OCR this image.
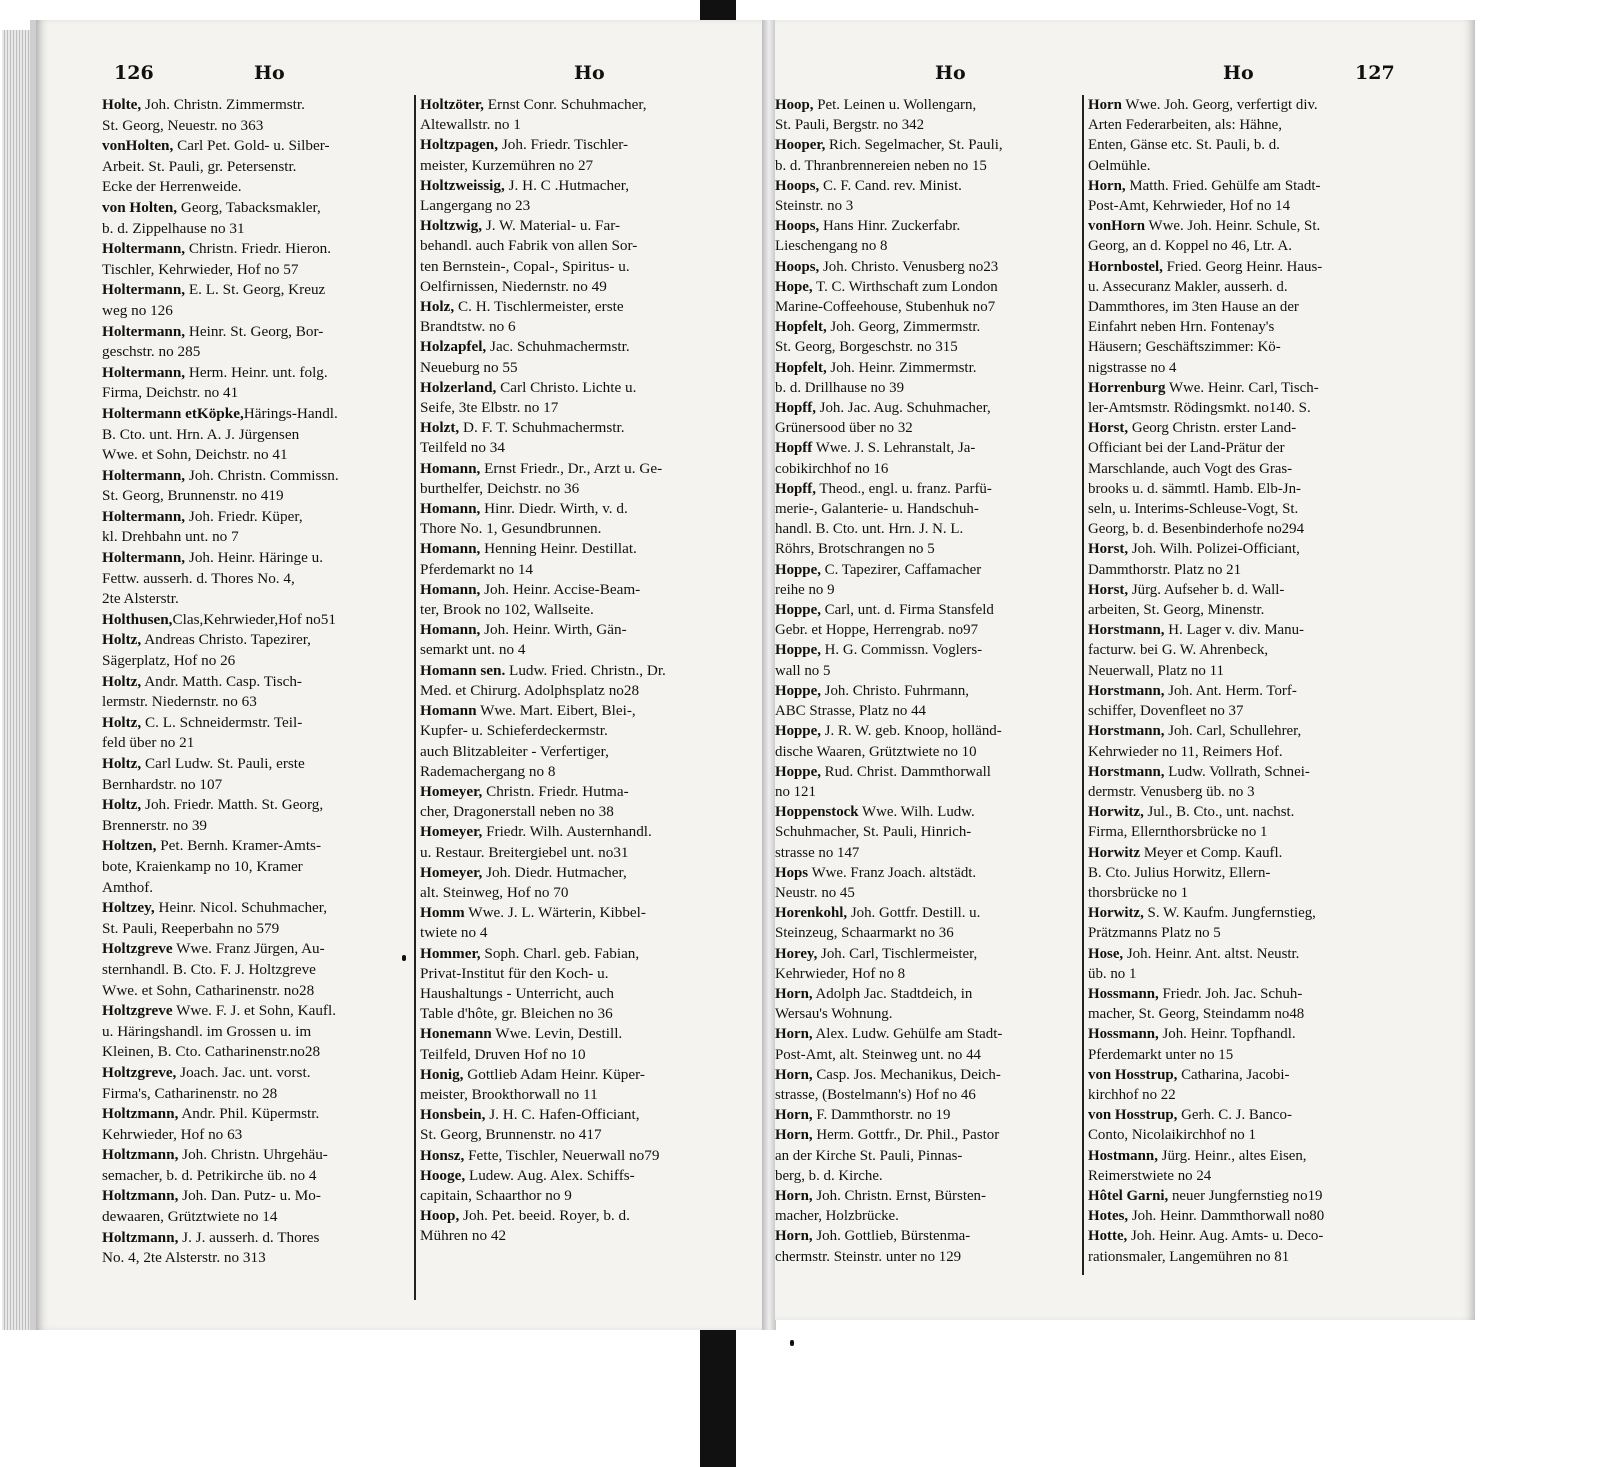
126	Ho	Ho

Holte, Joh. Christn. Zimmermstr.
St. Georg, Neuestr. no 363

vonHolten, Carl Pet. Gold- u. Silber-
Arbeit. St. Pauli, gr. Petersenstr.
Ecke der Herrenweide.

von Holten, Georg, Tabacksmakler,
b. d. Zippelhause no 31

Holtermann, Christn. Friedr. Hieron.
Tischler, Kehrwieder, Hof no 57

Holtermann, E. L. St. Georg, Kreuz
weg no 126

Holtermann, Heinr. St. Georg, Bor-
geschstr. no 285

Holtermann, Herm. Heinr. unt. folg.
Firma, Deichstr. no 41

Holtermann etKöpke,Härings-Handl.
B. Cto. unt. Hrn. A. J. Jürgensen
Wwe. et Sohn, Deichstr. no 41

Holtermann, Joh. Christn. Commissn.
St. Georg, Brunnenstr. no 419

Holtermann, Joh. Friedr. Küper,
kl. Drehbahn unt. no 7

Holtermann, Joh. Heinr. Häringe u.
Fettw. ausserh. d. Thores No. 4,
2te Alsterstr.

Holthusen,Clas,Kehrwieder,Hof no51

Holtz, Andreas Christo. Tapezirer,
Sägerplatz, Hof no 26

Holtz, Andr. Matth. Casp. Tisch-
lermstr. Niedernstr. no 63

Holtz, C. L. Schneidermstr. Teil-
feld über no 21

Holtz, Carl Ludw. St. Pauli, erste
Bernhardstr. no 107

Holtz, Joh. Friedr. Matth. St. Georg,
Brennerstr. no 39

Holtzen, Pet. Bernh. Kramer-Amts-
bote, Kraienkamp no 10, Kramer
Amthof.

Holtzey, Heinr. Nicol. Schuhmacher,
St. Pauli, Reeperbahn no 579

Holtzgreve Wwe. Franz Jürgen, Au-
sternhandl. B. Cto. F. J. Holtzgreve
Wwe. et Sohn, Catharinenstr. no28

Holtzgreve Wwe. F. J. et Sohn, Kaufl.
u. Häringshandl. im Grossen u. im
Kleinen, B. Cto. Catharinenstr.no28

Holtzgreve, Joach. Jac. unt. vorst.
Firma's, Catharinenstr. no 28

Holtzmann, Andr. Phil. Küpermstr.
Kehrwieder, Hof no 63

Holtzmann, Joh. Christn. Uhrgehäu-
semacher, b. d. Petrikirche üb. no 4

Holtzmann, Joh. Dan. Putz- u. Mo-
dewaaren, Grütztwiete no 14

Holtzmann, J. J. ausserh. d. Thores
No. 4, 2te Alsterstr. no 313

Holtzöter, Ernst Conr. Schuhmacher,
Altewallstr. no 1

Holtzpagen, Joh. Friedr. Tischler-
meister, Kurzemühren no 27

Holtzweissig, J. H. C .Hutmacher,
Langergang no 23

Holtzwig, J. W. Material- u. Far-
behandl. auch Fabrik von allen Sor-
ten Bernstein-, Copal-, Spiritus- u.
Oelfirnissen, Niedernstr. no 49

Holz, C. H. Tischlermeister, erste
Brandtstw. no 6

Holzapfel, Jac. Schuhmachermstr.
Neueburg no 55

Holzerland, Carl Christo. Lichte u.
Seife, 3te Elbstr. no 17

Holzt, D. F. T. Schuhmachermstr.
Teilfeld no 34

Homann, Ernst Friedr., Dr., Arzt u. Ge-
burthelfer, Deichstr. no 36

Homann, Hinr. Diedr. Wirth, v. d.
Thore No. 1, Gesundbrunnen.

Homann, Henning Heinr. Destillat.
Pferdemarkt no 14

Homann, Joh. Heinr. Accise-Beam-
ter, Brook no 102, Wallseite.

Homann, Joh. Heinr. Wirth, Gän-
semarkt unt. no 4

Homann sen. Ludw. Fried. Christn., Dr.
Med. et Chirurg. Adolphsplatz no28

Homann Wwe. Mart. Eibert, Blei-,
Kupfer- u. Schieferdeckermstr.
auch Blitzableiter - Verfertiger,
Rademachergang no 8

Homeyer, Christn. Friedr. Hutma-
cher, Dragonerstall neben no 38

Homeyer, Friedr. Wilh. Austernhandl.
u. Restaur. Breitergiebel unt. no31

Homeyer, Joh. Diedr. Hutmacher,
alt. Steinweg, Hof no 70

Homm Wwe. J. L. Wärterin, Kibbel-
twiete no 4

Hommer, Soph. Charl. geb. Fabian,
Privat-Institut für den Koch- u.
Haushaltungs - Unterricht, auch
Table d'hôte, gr. Bleichen no 36

Honemann Wwe. Levin, Destill.
Teilfeld, Druven Hof no 10

Honig, Gottlieb Adam Heinr. Küper-
meister, Brookthorwall no 11

Honsbein, J. H. C. Hafen-Officiant,
St. Georg, Brunnenstr. no 417

Honsz, Fette, Tischler, Neuerwall no79

Hooge, Ludew. Aug. Alex. Schiffs-
capitain, Schaarthor no 9

Hoop, Joh. Pet. beeid. Royer, b. d.
Mühren no 42

Ho	Ho	127

Hoop, Pet. Leinen u. Wollengarn,
St. Pauli, Bergstr. no 342

Hooper, Rich. Segelmacher, St. Pauli,
b. d. Thranbrennereien neben no 15

Hoops, C. F. Cand. rev. Minist.
Steinstr. no 3

Hoops, Hans Hinr. Zuckerfabr.
Lieschengang no 8

Hoops, Joh. Christo. Venusberg no23

Hope, T. C. Wirthschaft zum London
Marine-Coffeehouse, Stubenhuk no7

Hopfelt, Joh. Georg, Zimmermstr.
St. Georg, Borgeschstr. no 315

Hopfelt, Joh. Heinr. Zimmermstr.
b. d. Drillhause no 39

Hopff, Joh. Jac. Aug. Schuhmacher,
Grünersood über no 32

Hopff Wwe. J. S. Lehranstalt, Ja-
cobikirchhof no 16

Hopff, Theod., engl. u. franz. Parfü-
merie-, Galanterie- u. Handschuh-
handl. B. Cto. unt. Hrn. J. N. L.
Röhrs, Brotschrangen no 5

Hoppe, C. Tapezirer, Caffamacher
reihe no 9

Hoppe, Carl, unt. d. Firma Stansfeld
Gebr. et Hoppe, Herrengrab. no97

Hoppe, H. G. Commissn. Voglers-
wall no 5

Hoppe, Joh. Christo. Fuhrmann,
ABC Strasse, Platz no 44

Hoppe, J. R. W. geb. Knoop, holländ-
dische Waaren, Grütztwiete no 10

Hoppe, Rud. Christ. Dammthorwall
no 121

Hoppenstock Wwe. Wilh. Ludw.
Schuhmacher, St. Pauli, Hinrich-
strasse no 147

Hops Wwe. Franz Joach. altstädt.
Neustr. no 45

Horenkohl, Joh. Gottfr. Destill. u.
Steinzeug, Schaarmarkt no 36

Horey, Joh. Carl, Tischlermeister,
Kehrwieder, Hof no 8

Horn, Adolph Jac. Stadtdeich, in
Wersau's Wohnung.

Horn, Alex. Ludw. Gehülfe am Stadt-
Post-Amt, alt. Steinweg unt. no 44

Horn, Casp. Jos. Mechanikus, Deich-
strasse, (Bostelmann's) Hof no 46

Horn, F. Dammthorstr. no 19

Horn, Herm. Gottfr., Dr. Phil., Pastor
an der Kirche St. Pauli, Pinnas-
berg, b. d. Kirche.

Horn, Joh. Christn. Ernst, Bürsten-
macher, Holzbrücke.

Horn, Joh. Gottlieb, Bürstenma-
chermstr. Steinstr. unter no 129

Horn Wwe. Joh. Georg, verfertigt div.
Arten Federarbeiten, als: Hähne,
Enten, Gänse etc. St. Pauli, b. d.
Oelmühle.

Horn, Matth. Fried. Gehülfe am Stadt-
Post-Amt, Kehrwieder, Hof no 14

vonHorn Wwe. Joh. Heinr. Schule, St.
Georg, an d. Koppel no 46, Ltr. A.

Hornbostel, Fried. Georg Heinr. Haus-
u. Assecuranz Makler, ausserh. d.
Dammthores, im 3ten Hause an der
Einfahrt neben Hrn. Fontenay's
Häusern; Geschäftszimmer: Kö-
nigstrasse no 4

Horrenburg Wwe. Heinr. Carl, Tisch-
ler-Amtsmstr. Rödingsmkt. no140. S.

Horst, Georg Christn. erster Land-
Officiant bei der Land-Prätur der
Marschlande, auch Vogt des Gras-
brooks u. d. sämmtl. Hamb. Elb-Jn-
seln, u. Interims-Schleuse-Vogt, St.
Georg, b. d. Besenbinderhofe no294

Horst, Joh. Wilh. Polizei-Officiant,
Dammthorstr. Platz no 21

Horst, Jürg. Aufseher b. d. Wall-
arbeiten, St. Georg, Minenstr.

Horstmann, H. Lager v. div. Manu-
facturw. bei G. W. Ahrenbeck,
Neuerwall, Platz no 11

Horstmann, Joh. Ant. Herm. Torf-
schiffer, Dovenfleet no 37

Horstmann, Joh. Carl, Schullehrer,
Kehrwieder no 11, Reimers Hof.

Horstmann, Ludw. Vollrath, Schnei-
dermstr. Venusberg üb. no 3

Horwitz, Jul., B. Cto., unt. nachst.
Firma, Ellernthorsbrücke no 1

Horwitz Meyer et Comp. Kaufl.
B. Cto. Julius Horwitz, Ellern-
thorsbrücke no 1

Horwitz, S. W. Kaufm. Jungfernstieg,
Prätzmanns Platz no 5

Hose, Joh. Heinr. Ant. altst. Neustr.
üb. no 1

Hossmann, Friedr. Joh. Jac. Schuh-
macher, St. Georg, Steindamm no48

Hossmann, Joh. Heinr. Topfhandl.
Pferdemarkt unter no 15

von Hosstrup, Catharina, Jacobi-
kirchhof no 22

von Hosstrup, Gerh. C. J. Banco-
Conto, Nicolaikirchhof no 1

Hostmann, Jürg. Heinr., altes Eisen,
Reimerstwiete no 24

Hôtel Garni, neuer Jungfernstieg no19

Hotes, Joh. Heinr. Dammthorwall no80

Hotte, Joh. Heinr. Aug. Amts- u. Deco-
rationsmaler, Langemühren no 81
